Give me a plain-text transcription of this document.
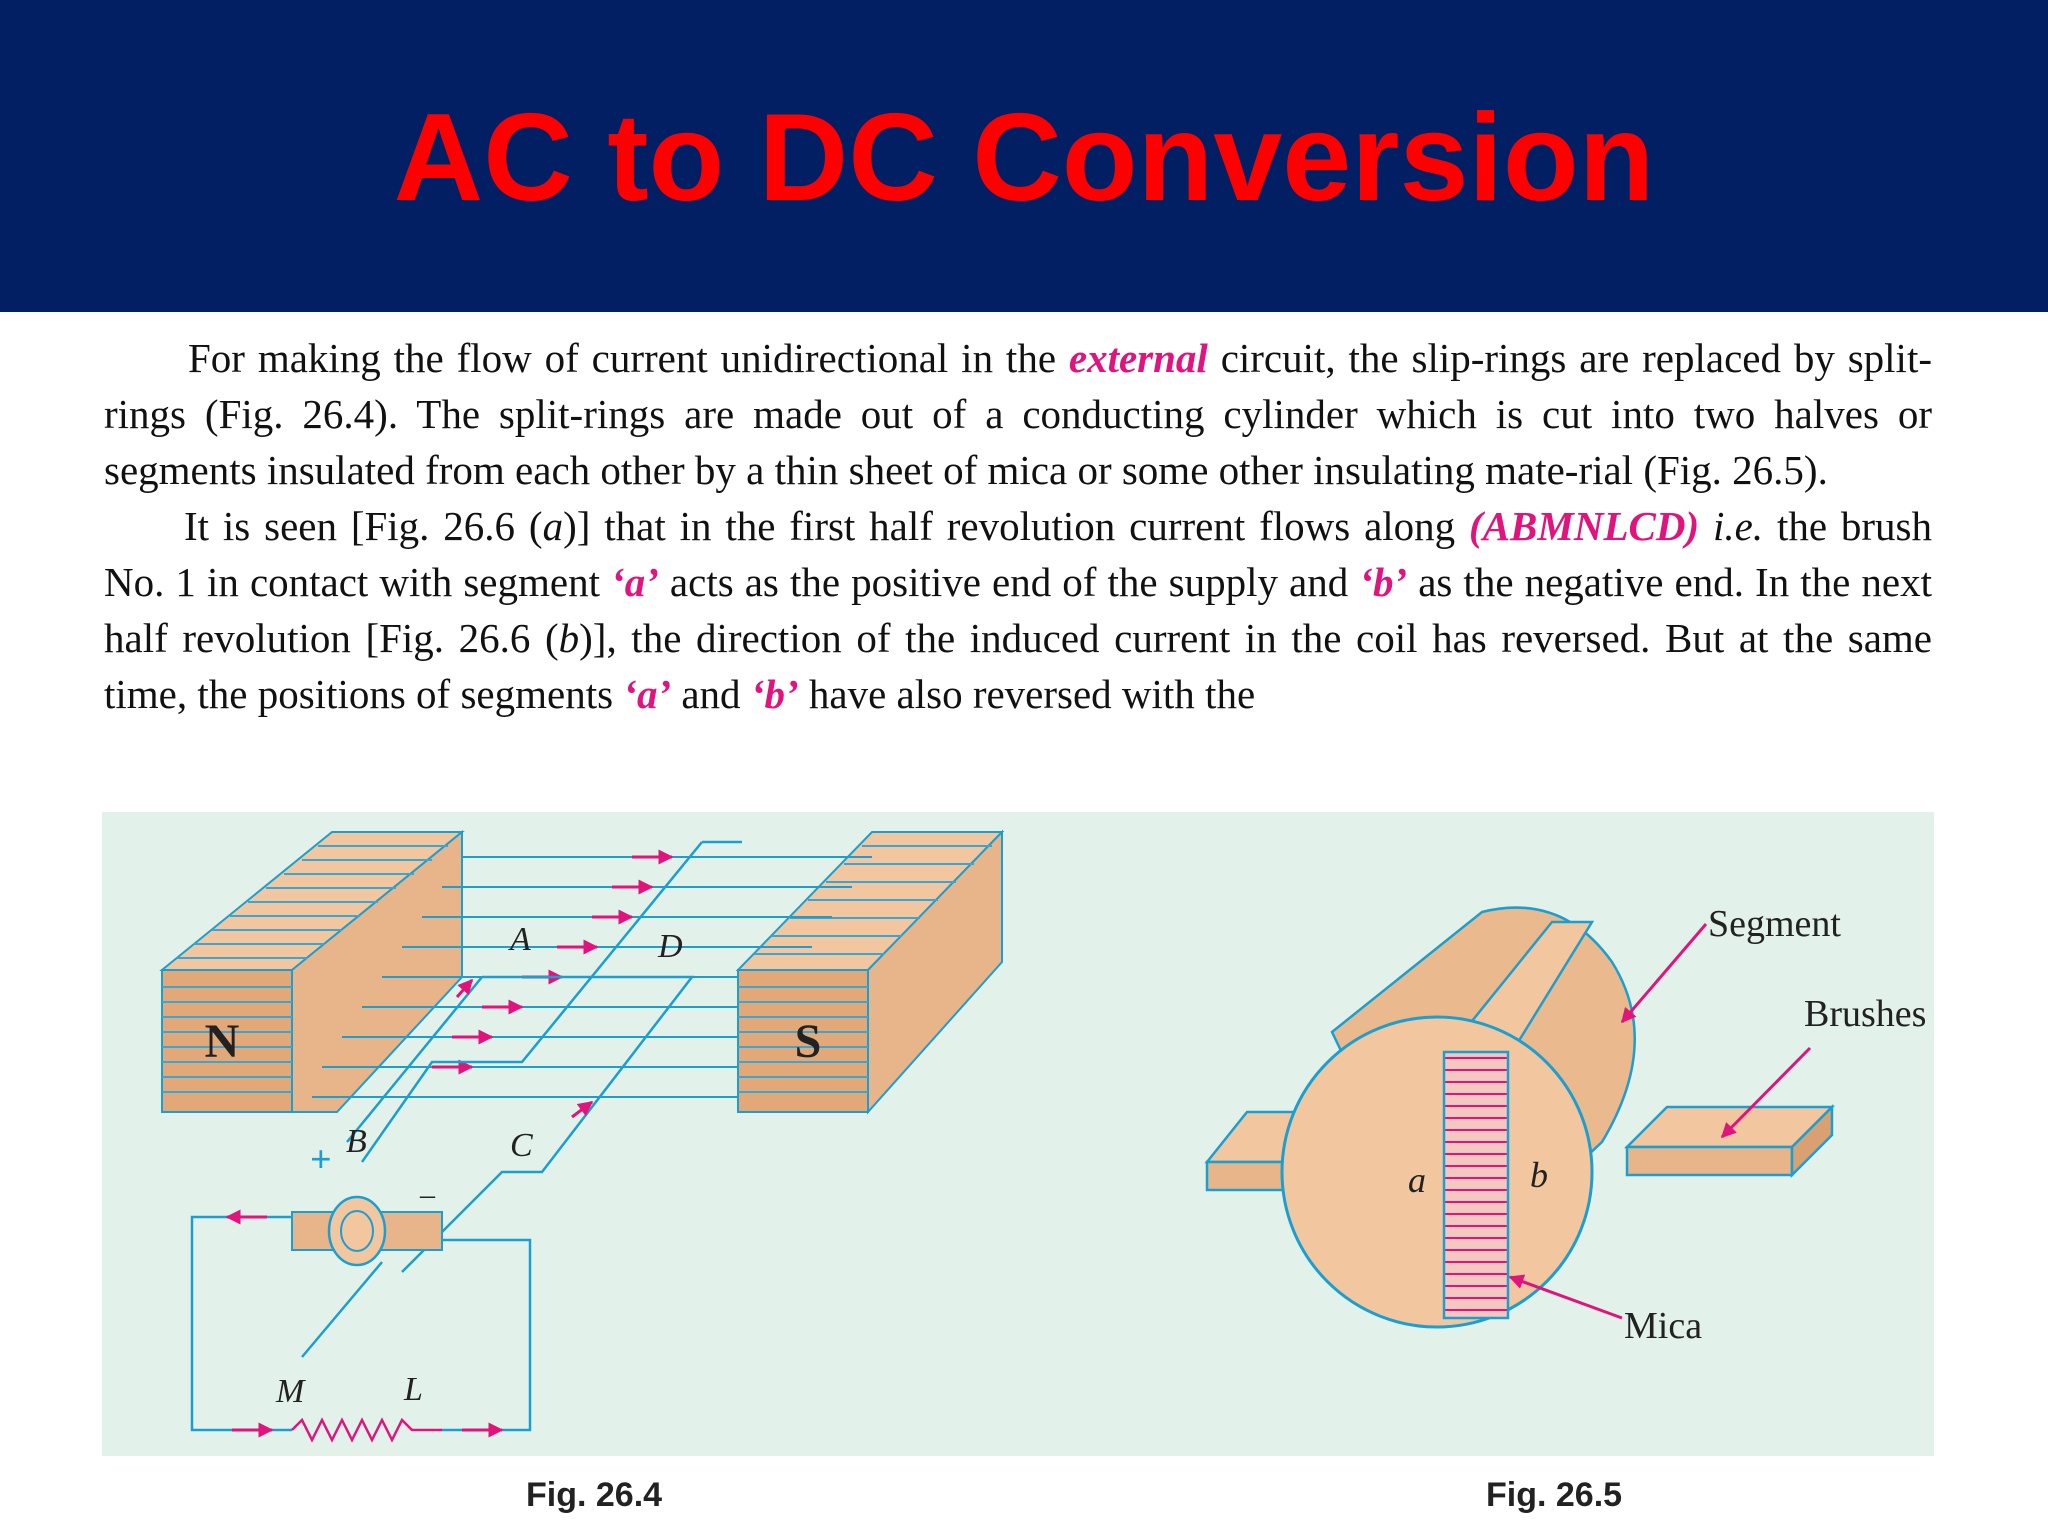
AC to DC Conversion

For making the flow of current unidirectional in the external circuit, the slip-rings are replaced by split-rings (Fig. 26.4). The split-rings are made out of a conducting cylinder which is cut into two halves or segments insulated from each other by a thin sheet of mica or some other insulating mate-rial (Fig. 26.5).

It is seen [Fig. 26.6 (a)] that in the first half revolution current flows along (ABMNLCD) i.e. the brush No. 1 in contact with segment ‘a’ acts as the positive end of the supply and ‘b’ as the negative end. In the next half revolution [Fig. 26.6 (b)], the direction of the induced current in the coil has reversed. But at the same time, the positions of segments ‘a’ and ‘b’ have also reversed with the

N	S
A	D
B	C
+
–
M	L
a	b
Segment
Brushes
Mica
Fig. 26.4	Fig. 26.5
